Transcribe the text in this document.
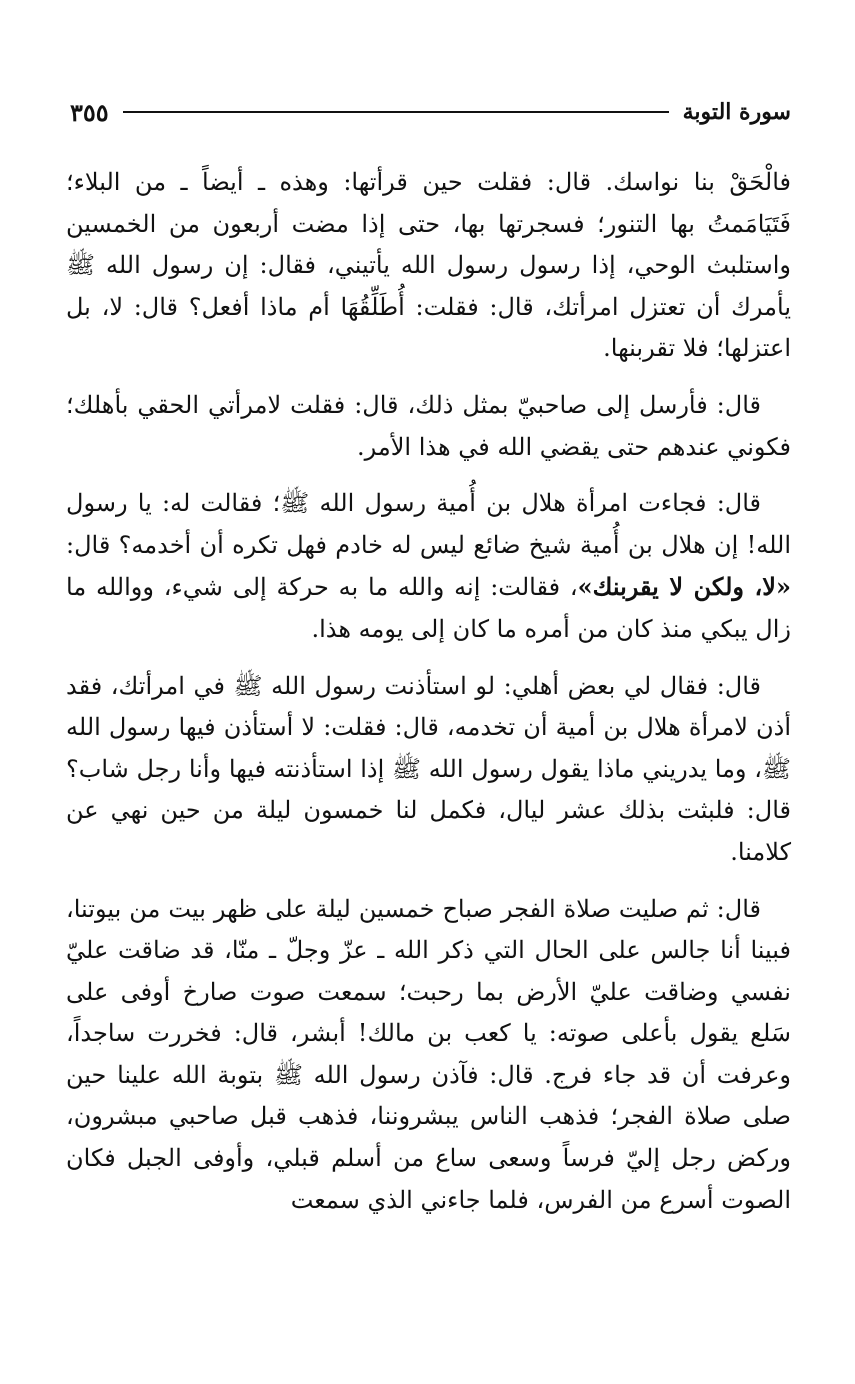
سورة التوبة
٣٥٥

فالْحَقْ بنا نواسك. قال: فقلت حين قرأتها: وهذه ـ أيضاً ـ من البلاء؛ فَتَيَامَمتُ بها التنور؛ فسجرتها بها، حتى إذا مضت أربعون من الخمسين واستلبث الوحي، إذا رسول رسول الله يأتيني، فقال: إن رسول الله ﷺ يأمرك أن تعتزل امرأتك، قال: فقلت: أُطَلِّقُهَا أم ماذا أفعل؟ قال: لا، بل اعتزلها؛ فلا تقربنها.

قال: فأرسل إلى صاحبيّ بمثل ذلك، قال: فقلت لامرأتي الحقي بأهلك؛ فكوني عندهم حتى يقضي الله في هذا الأمر.

قال: فجاءت امرأة هلال بن أُمية رسول الله ﷺ؛ فقالت له: يا رسول الله! إن هلال بن أُمية شيخ ضائع ليس له خادم فهل تكره أن أخدمه؟ قال: «لا، ولكن لا يقربنك»، فقالت: إنه والله ما به حركة إلى شيء، ووالله ما زال يبكي منذ كان من أمره ما كان إلى يومه هذا.

قال: فقال لي بعض أهلي: لو استأذنت رسول الله ﷺ في امرأتك، فقد أذن لامرأة هلال بن أمية أن تخدمه، قال: فقلت: لا أستأذن فيها رسول الله ﷺ، وما يدريني ماذا يقول رسول الله ﷺ إذا استأذنته فيها وأنا رجل شاب؟ قال: فلبثت بذلك عشر ليال، فكمل لنا خمسون ليلة من حين نهي عن كلامنا.

قال: ثم صليت صلاة الفجر صباح خمسين ليلة على ظهر بيت من بيوتنا، فبينا أنا جالس على الحال التي ذكر الله ـ عزّ وجلّ ـ منّا، قد ضاقت عليّ نفسي وضاقت عليّ الأرض بما رحبت؛ سمعت صوت صارخ أوفى على سَلع يقول بأعلى صوته: يا كعب بن مالك! أبشر، قال: فخررت ساجداً، وعرفت أن قد جاء فرج. قال: فآذن رسول الله ﷺ بتوبة الله علينا حين صلى صلاة الفجر؛ فذهب الناس يبشروننا، فذهب قبل صاحبي مبشرون، وركض رجل إليّ فرساً وسعى ساع من أسلم قبلي، وأوفى الجبل فكان الصوت أسرع من الفرس، فلما جاءني الذي سمعت
